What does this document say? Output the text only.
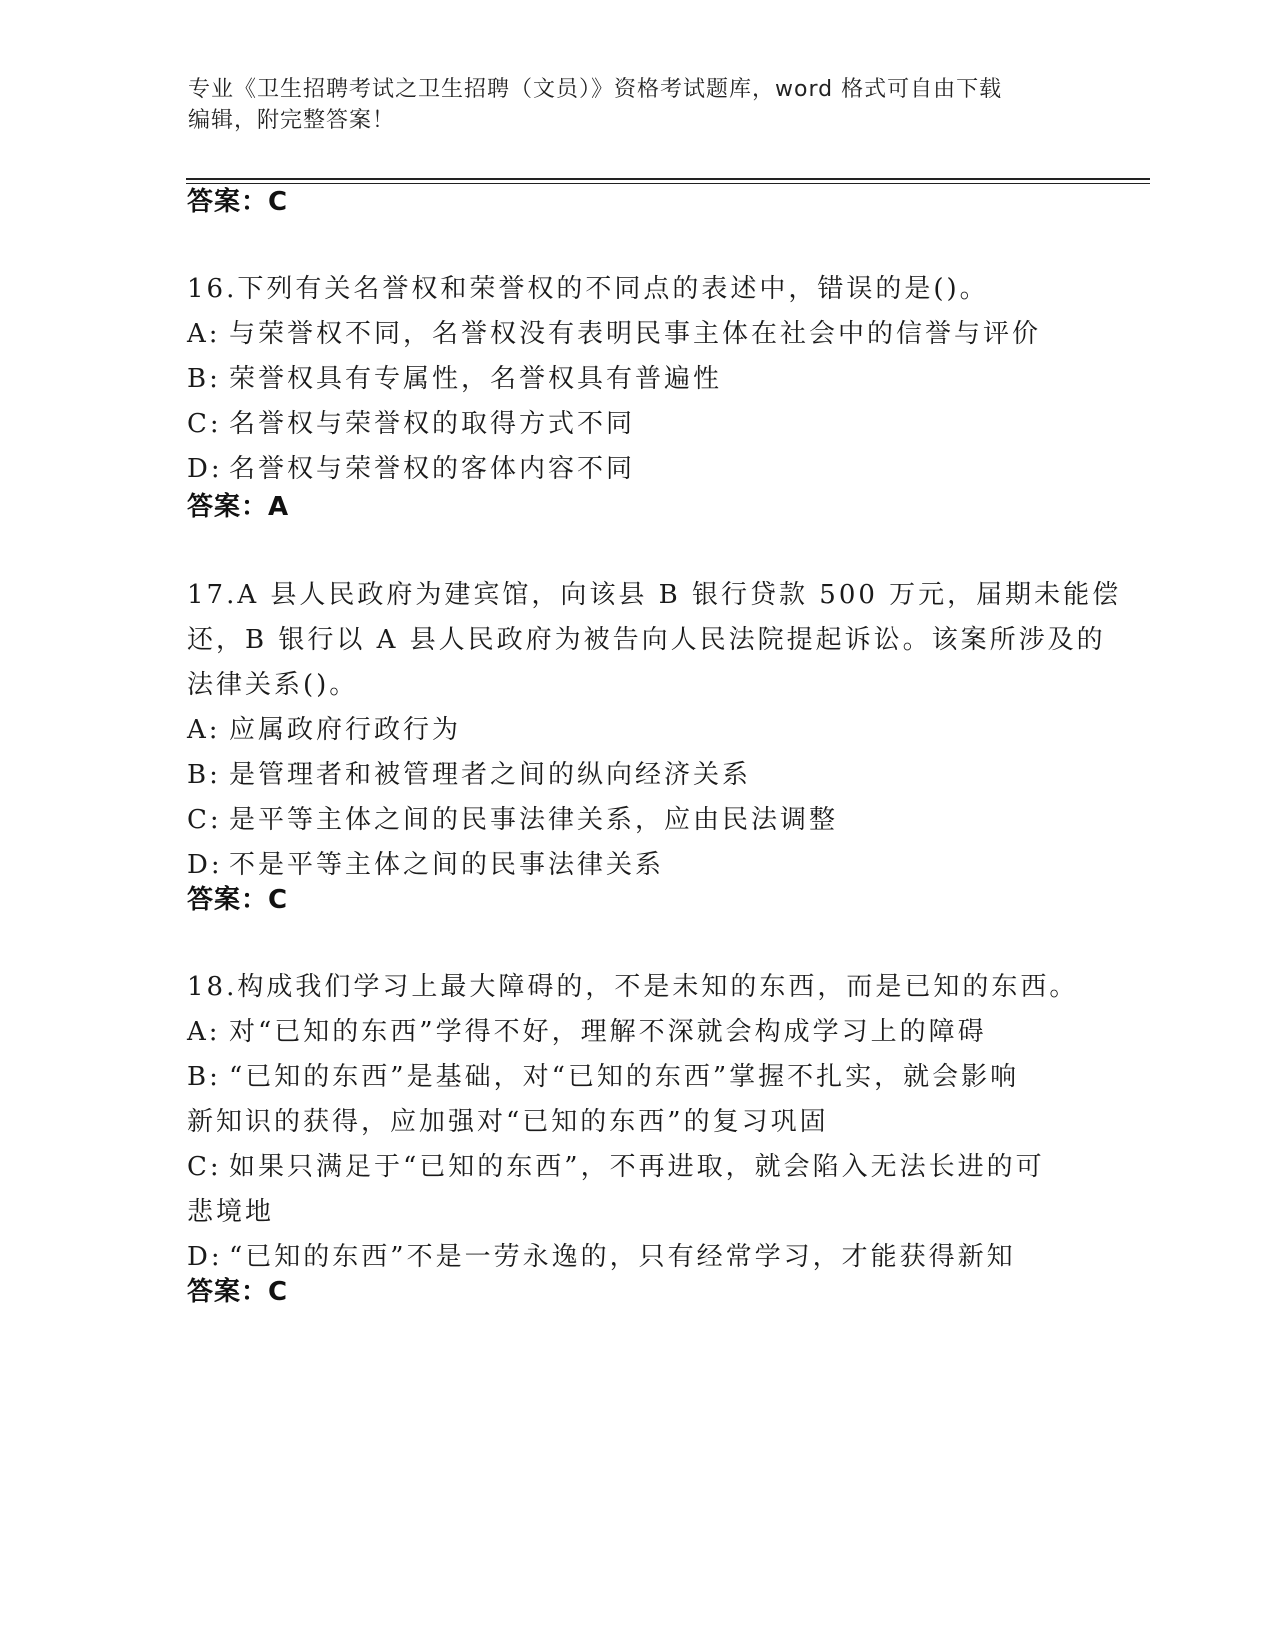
专业《卫生招聘考试之卫生招聘（文员）》资格考试题库，word 格式可自由下载
编辑，附完整答案！
答案：C
16.下列有关名誉权和荣誉权的不同点的表述中，错误的是()。
A: 与荣誉权不同，名誉权没有表明民事主体在社会中的信誉与评价
B: 荣誉权具有专属性，名誉权具有普遍性
C: 名誉权与荣誉权的取得方式不同
D: 名誉权与荣誉权的客体内容不同
答案：A
17.A 县人民政府为建宾馆，向该县 B 银行贷款 500 万元，届期未能偿
还，B 银行以 A 县人民政府为被告向人民法院提起诉讼。该案所涉及的
法律关系()。
A: 应属政府行政行为
B: 是管理者和被管理者之间的纵向经济关系
C: 是平等主体之间的民事法律关系，应由民法调整
D: 不是平等主体之间的民事法律关系
答案：C
18.构成我们学习上最大障碍的，不是未知的东西，而是已知的东西。
A: 对“已知的东西”学得不好，理解不深就会构成学习上的障碍
B: “已知的东西”是基础，对“已知的东西”掌握不扎实，就会影响
新知识的获得，应加强对“已知的东西”的复习巩固
C: 如果只满足于“已知的东西”，不再进取，就会陷入无法长进的可
悲境地
D: “已知的东西”不是一劳永逸的，只有经常学习，才能获得新知
答案：C
